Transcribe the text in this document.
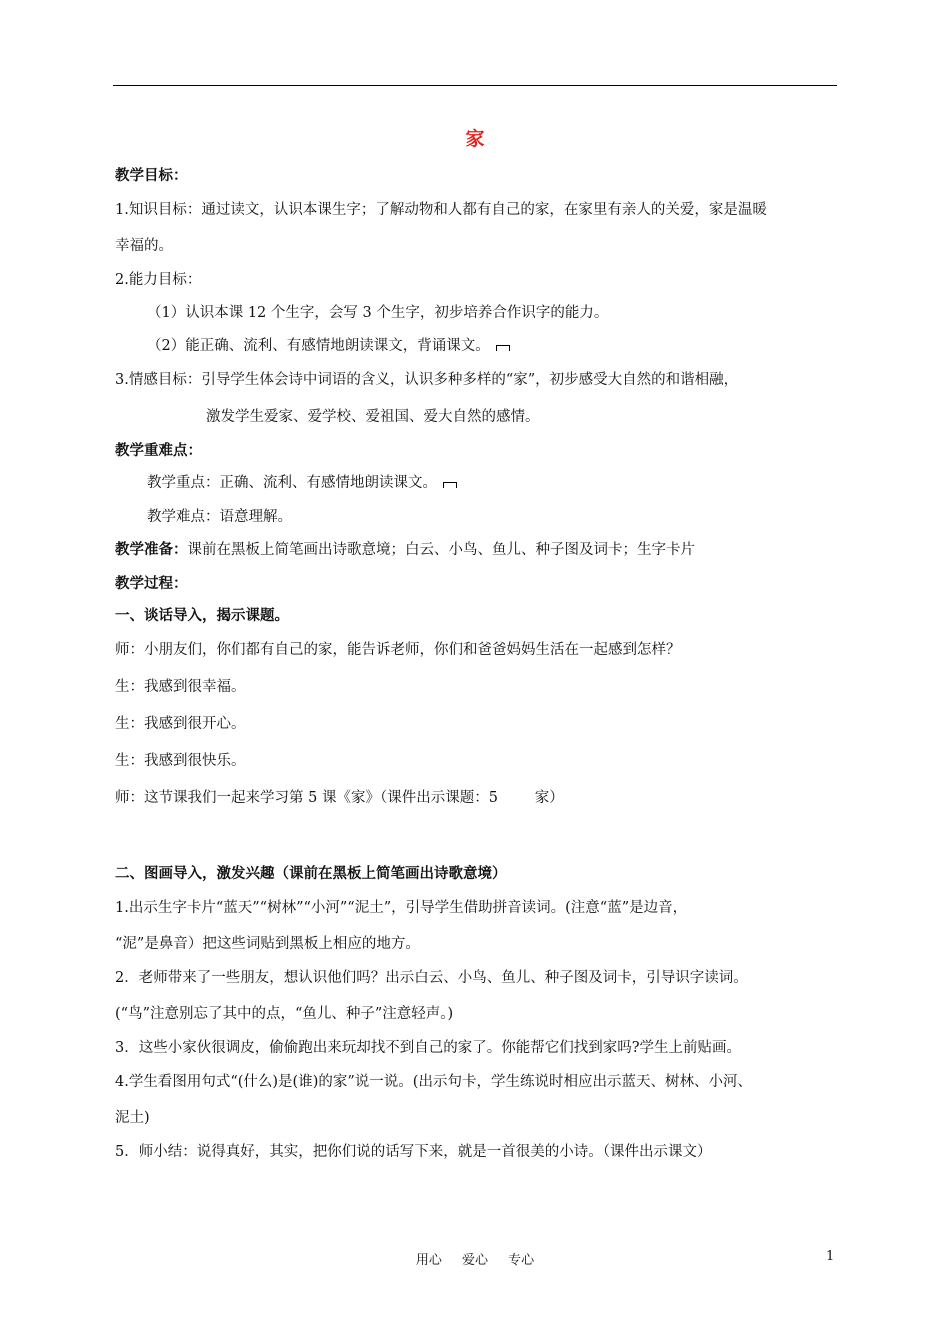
家
教学目标：
1.知识目标：通过读文，认识本课生字；了解动物和人都有自己的家，在家里有亲人的关爱，家是温暖
幸福的。
2.能力目标：
（1）认识本课 12 个生字，会写 3 个生字，初步培养合作识字的能力。
（2）能正确、流利、有感情地朗读课文，背诵课文。
3.情感目标：引导学生体会诗中词语的含义，认识多种多样的“家”，初步感受大自然的和谐相融，
激发学生爱家、爱学校、爱祖国、爱大自然的感情。
教学重难点：
教学重点：正确、流利、有感情地朗读课文。
教学难点：语意理解。
教学准备：课前在黑板上简笔画出诗歌意境；白云、小鸟、鱼儿、种子图及词卡；生字卡片
教学过程：
一、谈话导入，揭示课题。
师：小朋友们，你们都有自己的家，能告诉老师，你们和爸爸妈妈生活在一起感到怎样？
生：我感到很幸福。
生：我感到很开心。
生：我感到很快乐。
师：这节课我们一起来学习第 5 课《家》（课件出示课题：5        家）
二、图画导入，激发兴趣（课前在黑板上简笔画出诗歌意境）
1.出示生字卡片“蓝天”“树林”“小河”“泥土”，引导学生借助拼音读词。(注意“蓝”是边音，
“泥”是鼻音）把这些词贴到黑板上相应的地方。
2．老师带来了一些朋友，想认识他们吗？出示白云、小鸟、鱼儿、种子图及词卡，引导识字读词。
(“鸟”注意别忘了其中的点，“鱼儿、种子”注意轻声。)
3．这些小家伙很调皮，偷偷跑出来玩却找不到自己的家了。你能帮它们找到家吗?学生上前贴画。
4.学生看图用句式“(什么)是(谁)的家”说一说。(出示句卡，学生练说时相应出示蓝天、树林、小河、
泥土)
5．师小结：说得真好，其实，把你们说的话写下来，就是一首很美的小诗。（课件出示课文）
用心 爱心 专心	1
